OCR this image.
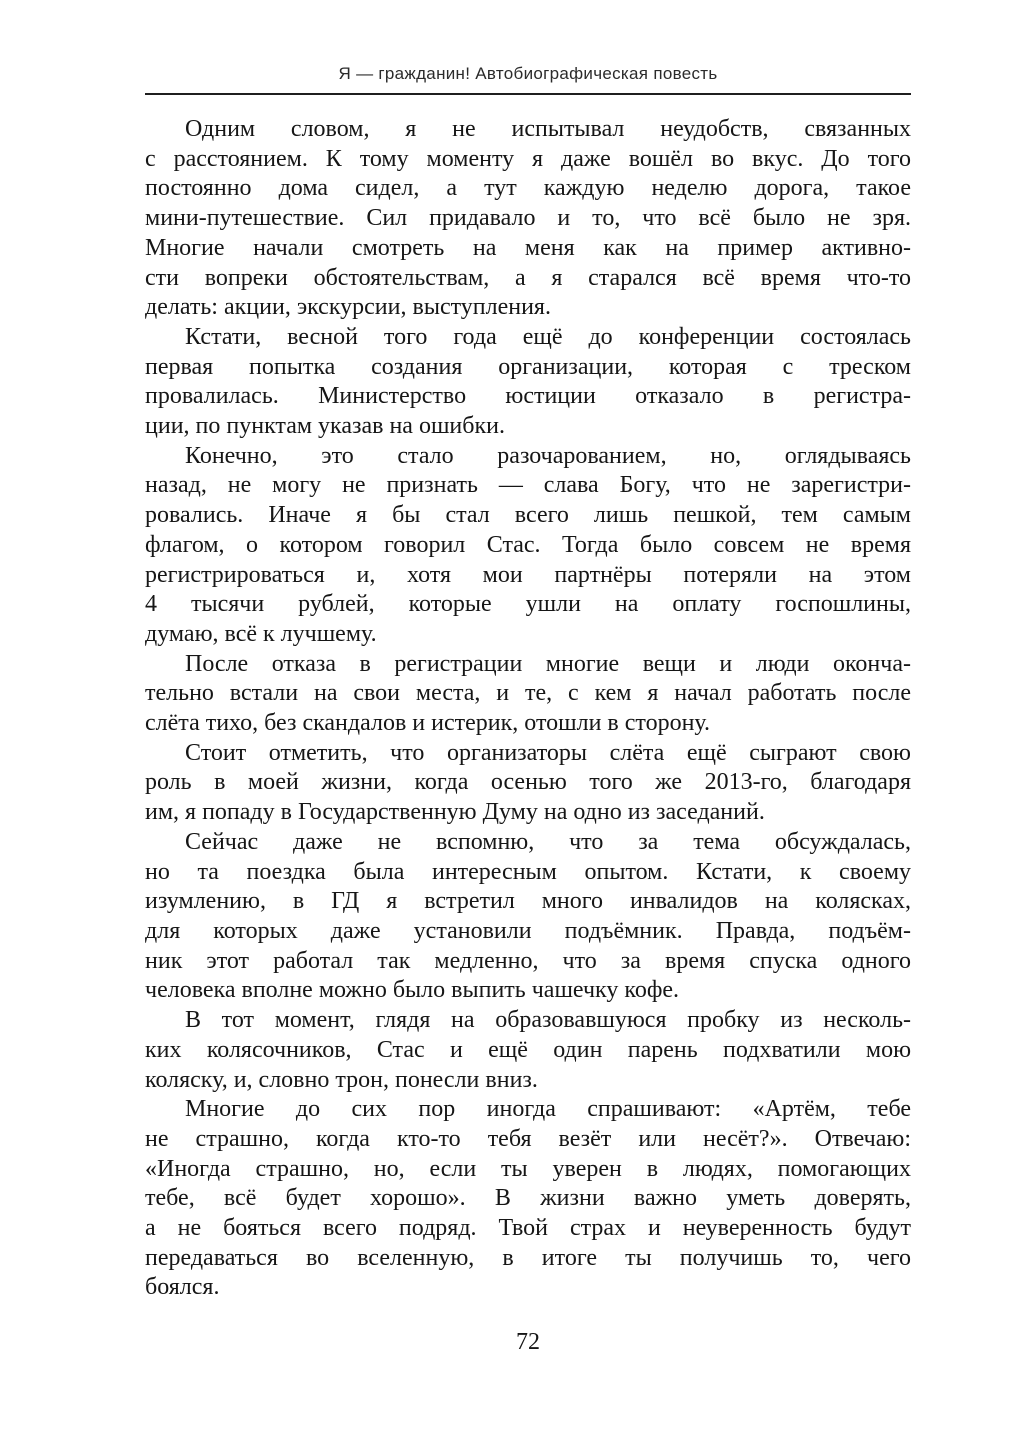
Я — гражданин! Автобиографическая повесть
Одним словом, я не испытывал неудобств, связанных
с расстоянием. К тому моменту я даже вошёл во вкус. До того
постоянно дома сидел, а тут каждую неделю дорога, такое
мини-путешествие. Сил придавало и то, что всё было не зря.
Многие начали смотреть на меня как на пример активно-
сти вопреки обстоятельствам, а я старался всё время что-то
делать: акции, экскурсии, выступления.
Кстати, весной того года ещё до конференции состоялась
первая попытка создания организации, которая с треском
провалилась. Министерство юстиции отказало в регистра-
ции, по пунктам указав на ошибки.
Конечно, это стало разочарованием, но, оглядываясь
назад, не могу не признать — слава Богу, что не зарегистри-
ровались. Иначе я бы стал всего лишь пешкой, тем самым
флагом, о котором говорил Стас. Тогда было совсем не время
регистрироваться и, хотя мои партнёры потеряли на этом
4 тысячи рублей, которые ушли на оплату госпошлины,
думаю, всё к лучшему.
После отказа в регистрации многие вещи и люди оконча-
тельно встали на свои места, и те, с кем я начал работать после
слёта тихо, без скандалов и истерик, отошли в сторону.
Стоит отметить, что организаторы слёта ещё сыграют свою
роль в моей жизни, когда осенью того же 2013-го, благодаря
им, я попаду в Государственную Думу на одно из заседаний.
Сейчас даже не вспомню, что за тема обсуждалась,
но та поездка была интересным опытом. Кстати, к своему
изумлению, в ГД я встретил много инвалидов на колясках,
для которых даже установили подъёмник. Правда, подъём-
ник этот работал так медленно, что за время спуска одного
человека вполне можно было выпить чашечку кофе.
В тот момент, глядя на образовавшуюся пробку из несколь-
ких колясочников, Стас и ещё один парень подхватили мою
коляску, и, словно трон, понесли вниз.
Многие до сих пор иногда спрашивают: «Артём, тебе
не страшно, когда кто-то тебя везёт или несёт?». Отвечаю:
«Иногда страшно, но, если ты уверен в людях, помогающих
тебе, всё будет хорошо». В жизни важно уметь доверять,
а не бояться всего подряд. Твой страх и неуверенность будут
передаваться во вселенную, в итоге ты получишь то, чего
боялся.
72
